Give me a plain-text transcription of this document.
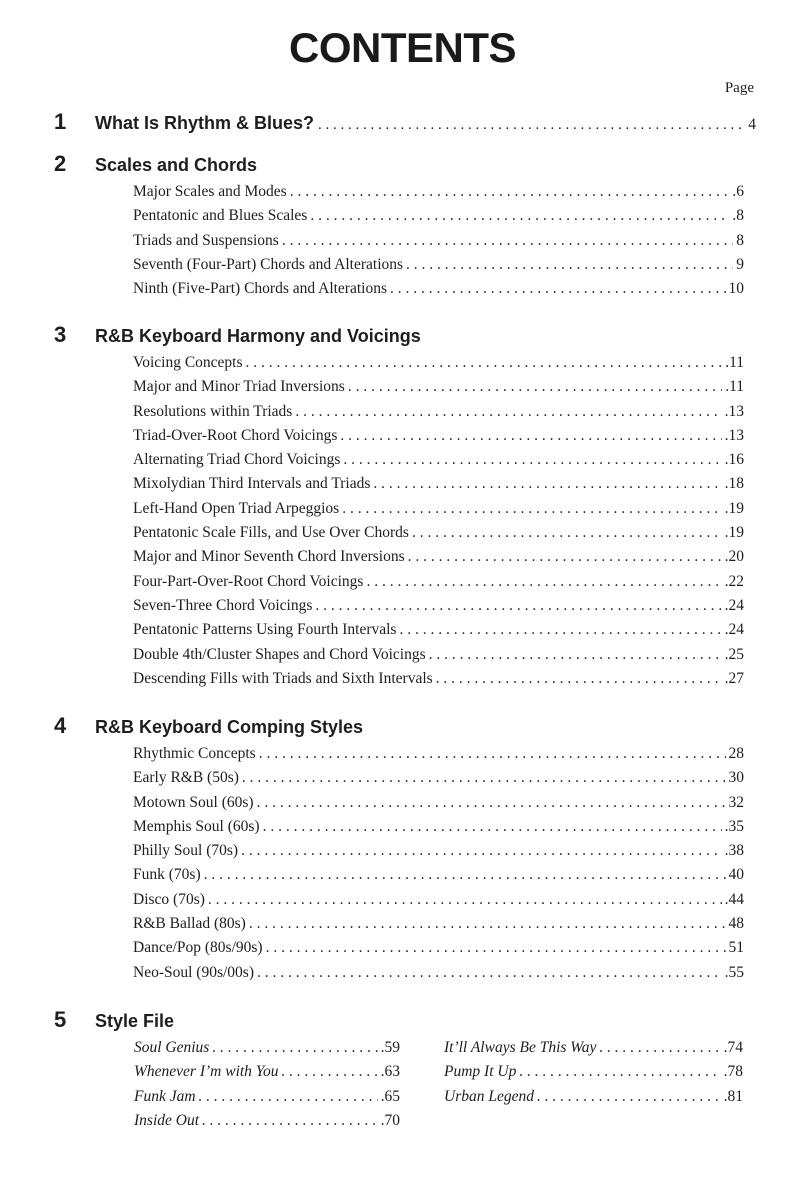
CONTENTS
Page
1 What Is Rhythm & Blues? . . .	4
2 Scales and Chords
Major Scales and Modes . . .	.6
Pentatonic and Blues Scales . . .	.8
Triads and Suspensions . . .	8
Seventh (Four-Part) Chords and Alterations . . .	9
Ninth (Five-Part) Chords and Alterations . . .	10
3 R&B Keyboard Harmony and Voicings
Voicing Concepts . . .	.11
Major and Minor Triad Inversions . . .	.11
Resolutions within Triads . . .	.13
Triad-Over-Root Chord Voicings . . .	.13
Alternating Triad Chord Voicings . . .	.16
Mixolydian Third Intervals and Triads . . .	.18
Left-Hand Open Triad Arpeggios . . .	.19
Pentatonic Scale Fills, and Use Over Chords . . .	.19
Major and Minor Seventh Chord Inversions . . .	.20
Four-Part-Over-Root Chord Voicings . . .	.22
Seven-Three Chord Voicings . . .	.24
Pentatonic Patterns Using Fourth Intervals . . .	.24
Double 4th/Cluster Shapes and Chord Voicings . . .	.25
Descending Fills with Triads and Sixth Intervals . . .	.27
4 R&B Keyboard Comping Styles
Rhythmic Concepts . . .	28
Early R&B (50s) . . .	30
Motown Soul (60s) . . .	32
Memphis Soul (60s) . . .	.35
Philly Soul (70s) . . .	.38
Funk (70s) . . .	40
Disco (70s) . . .	.44
R&B Ballad (80s) . . .	48
Dance/Pop (80s/90s) . . .	51
Neo-Soul (90s/00s) . . .	.55
5 Style File
Soul Genius . . .	.59
Whenever I’m with You . . .	.63
Funk Jam . . .	.65
Inside Out . . .	.70
It’ll Always Be This Way . . .	.74
Pump It Up . . .	.78
Urban Legend . . .	.81
